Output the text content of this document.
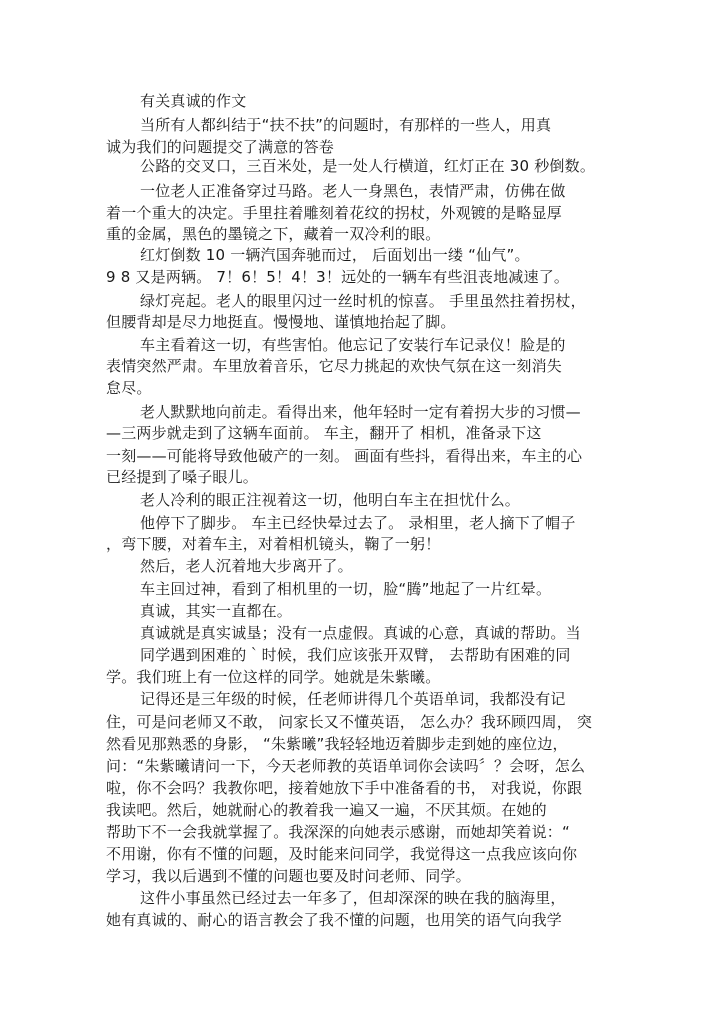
有关真诚的作文
当所有人都纠结于“扶不扶”的问题时，有那样的一些人，用真
诚为我们的问题提交了满意的答卷
公路的交叉口，三百米处，是一处人行横道，红灯正在 30 秒倒数。
一位老人正准备穿过马路。老人一身黑色，表情严肃，仿佛在做
着一个重大的决定。手里拄着雕刻着花纹的拐杖，外观镀的是略显厚
重的金属，黑色的墨镜之下，藏着一双冷利的眼。
红灯倒数 10 一辆汽国奔驰而过， 后面划出一缕 “仙气”。
9 8 又是两辆。 7！6！5！4！3！远处的一辆车有些沮丧地减速了。
绿灯亮起。老人的眼里闪过一丝时机的惊喜。 手里虽然拄着拐杖，
但腰背却是尽力地挺直。慢慢地、谨慎地抬起了脚。
车主看着这一切，有些害怕。他忘记了安装行车记录仪！脸是的
表情突然严肃。车里放着音乐，它尽力挑起的欢快气氛在这一刻消失
怠尽。
老人默默地向前走。看得出来，他年轻时一定有着拐大步的习惯—
—三两步就走到了这辆车面前。 车主，翻开了 相机，准备录下这
一刻——可能将导致他破产的一刻。 画面有些抖，看得出来，车主的心
已经提到了嗓子眼儿。
老人冷利的眼正注视着这一切，他明白车主在担忧什么。
他停下了脚步。 车主已经快晕过去了。 录相里，老人摘下了帽子
，弯下腰，对着车主，对着相机镜头，鞠了一躬！
然后，老人沉着地大步离开了。
车主回过神，看到了相机里的一切，脸“腾”地起了一片红晕。
真诚，其实一直都在。
真诚就是真实诚垦；没有一点虚假。真诚的心意，真诚的帮助。当
同学遇到困难的｀时候，我们应该张开双臂， 去帮助有困难的同
学。我们班上有一位这样的同学。她就是朱紫曦。
记得还是三年级的时候，任老师讲得几个英语单词，我都没有记
住，可是问老师又不敢， 问家长又不懂英语， 怎么办？我环顾四周， 突
然看见那熟悉的身影， “朱紫曦”我轻轻地迈着脚步走到她的座位边，
问：“朱紫曦请问一下，今天老师教的英语单词你会读吗〞？会呀，怎么
啦，你不会吗？我教你吧，接着她放下手中准备看的书， 对我说，你跟
我读吧。然后，她就耐心的教着我一遍又一遍，不厌其烦。在她的
帮助下不一会我就掌握了。我深深的向她表示感谢，而她却笑着说：“
不用谢，你有不懂的问题，及时能来问同学，我觉得这一点我应该向你
学习，我以后遇到不懂的问题也要及时问老师、同学。
这件小事虽然已经过去一年多了，但却深深的映在我的脑海里，
她有真诚的、耐心的语言教会了我不懂的问题，也用笑的语气向我学
